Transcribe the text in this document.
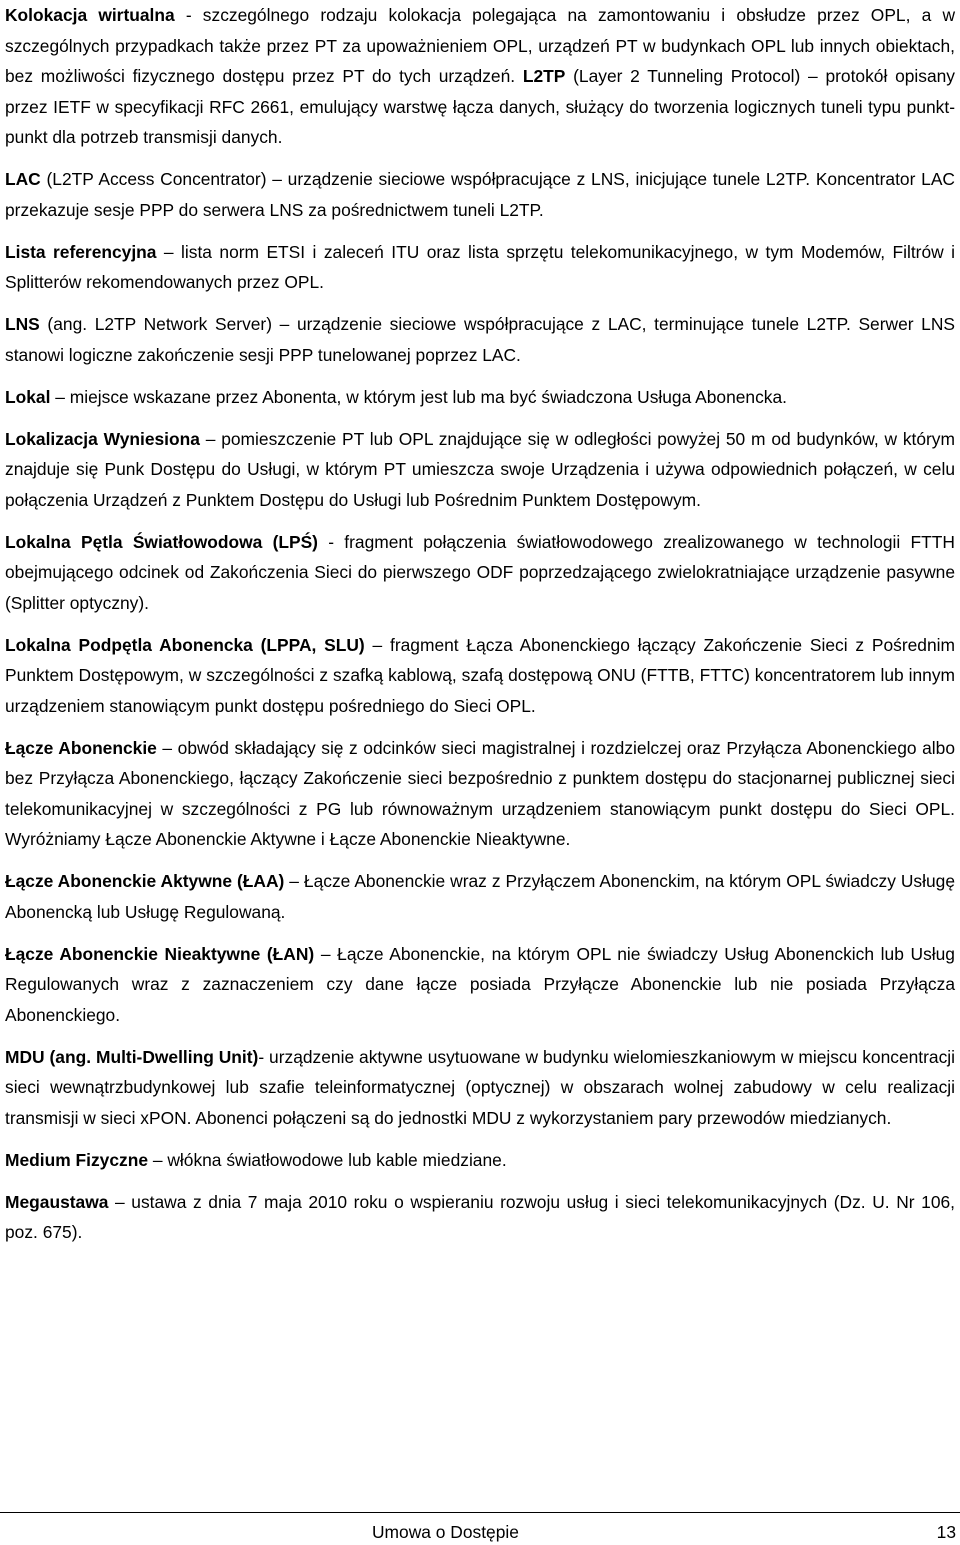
Kolokacja wirtualna - szczególnego rodzaju kolokacja polegająca na zamontowaniu i obsłudze przez OPL, a w szczególnych przypadkach także przez PT za upoważnieniem OPL, urządzeń PT w budynkach OPL lub innych obiektach, bez możliwości fizycznego dostępu przez PT do tych urządzeń. L2TP (Layer 2 Tunneling Protocol) – protokół opisany przez IETF w specyfikacji RFC 2661, emulujący warstwę łącza danych, służący do tworzenia logicznych tuneli typu punkt-punkt dla potrzeb transmisji danych.

LAC (L2TP Access Concentrator) – urządzenie sieciowe współpracujące z LNS, inicjujące tunele L2TP. Koncentrator LAC przekazuje sesje PPP do serwera LNS za pośrednictwem tuneli L2TP.

Lista referencyjna – lista norm ETSI i zaleceń ITU oraz lista sprzętu telekomunikacyjnego, w tym Modemów, Filtrów i Splitterów rekomendowanych przez OPL.

LNS (ang. L2TP Network Server) – urządzenie sieciowe współpracujące z LAC, terminujące tunele L2TP. Serwer LNS stanowi logiczne zakończenie sesji PPP tunelowanej poprzez LAC.

Lokal – miejsce wskazane przez Abonenta, w którym jest lub ma być świadczona Usługa Abonencka.

Lokalizacja Wyniesiona – pomieszczenie PT lub OPL znajdujące się w odległości powyżej 50 m od budynków, w którym znajduje się Punk Dostępu do Usługi, w którym PT umieszcza swoje Urządzenia i używa odpowiednich połączeń, w celu połączenia Urządzeń z Punktem Dostępu do Usługi lub Pośrednim Punktem Dostępowym.

Lokalna Pętla Światłowodowa (LPŚ) - fragment połączenia światłowodowego zrealizowanego w technologii FTTH obejmującego odcinek od Zakończenia Sieci do pierwszego ODF poprzedzającego zwielokratniające urządzenie pasywne (Splitter optyczny).

Lokalna Podpętla Abonencka (LPPA, SLU) – fragment Łącza Abonenckiego łączący Zakończenie Sieci z Pośrednim Punktem Dostępowym, w szczególności z szafką kablową, szafą dostępową ONU (FTTB, FTTC) koncentratorem lub innym urządzeniem stanowiącym punkt dostępu pośredniego do Sieci OPL.

Łącze Abonenckie – obwód składający się z odcinków sieci magistralnej i rozdzielczej oraz Przyłącza Abonenckiego albo bez Przyłącza Abonenckiego, łączący Zakończenie sieci bezpośrednio z punktem dostępu do stacjonarnej publicznej sieci telekomunikacyjnej w szczególności z PG lub równoważnym urządzeniem stanowiącym punkt dostępu do Sieci OPL. Wyróżniamy Łącze Abonenckie Aktywne i Łącze Abonenckie Nieaktywne.

Łącze Abonenckie Aktywne (ŁAA) – Łącze Abonenckie wraz z Przyłączem Abonenckim, na którym OPL świadczy Usługę Abonencką lub Usługę Regulowaną.

Łącze Abonenckie Nieaktywne (ŁAN) – Łącze Abonenckie, na którym OPL nie świadczy Usług Abonenckich lub Usług Regulowanych wraz z zaznaczeniem czy dane łącze posiada Przyłącze Abonenckie lub nie posiada Przyłącza Abonenckiego.

MDU (ang. Multi-Dwelling Unit)- urządzenie aktywne usytuowane w budynku wielomieszkaniowym w miejscu koncentracji sieci wewnątrzbudynkowej lub szafie teleinformatycznej (optycznej) w obszarach wolnej zabudowy w celu realizacji transmisji w sieci xPON. Abonenci połączeni są do jednostki MDU z wykorzystaniem pary przewodów miedzianych.

Medium Fizyczne – włókna światłowodowe lub kable miedziane.

Megaustawa – ustawa z dnia 7 maja 2010 roku o wspieraniu rozwoju usług i sieci telekomunikacyjnych (Dz. U. Nr 106, poz. 675).

Umowa o Dostępie	13
